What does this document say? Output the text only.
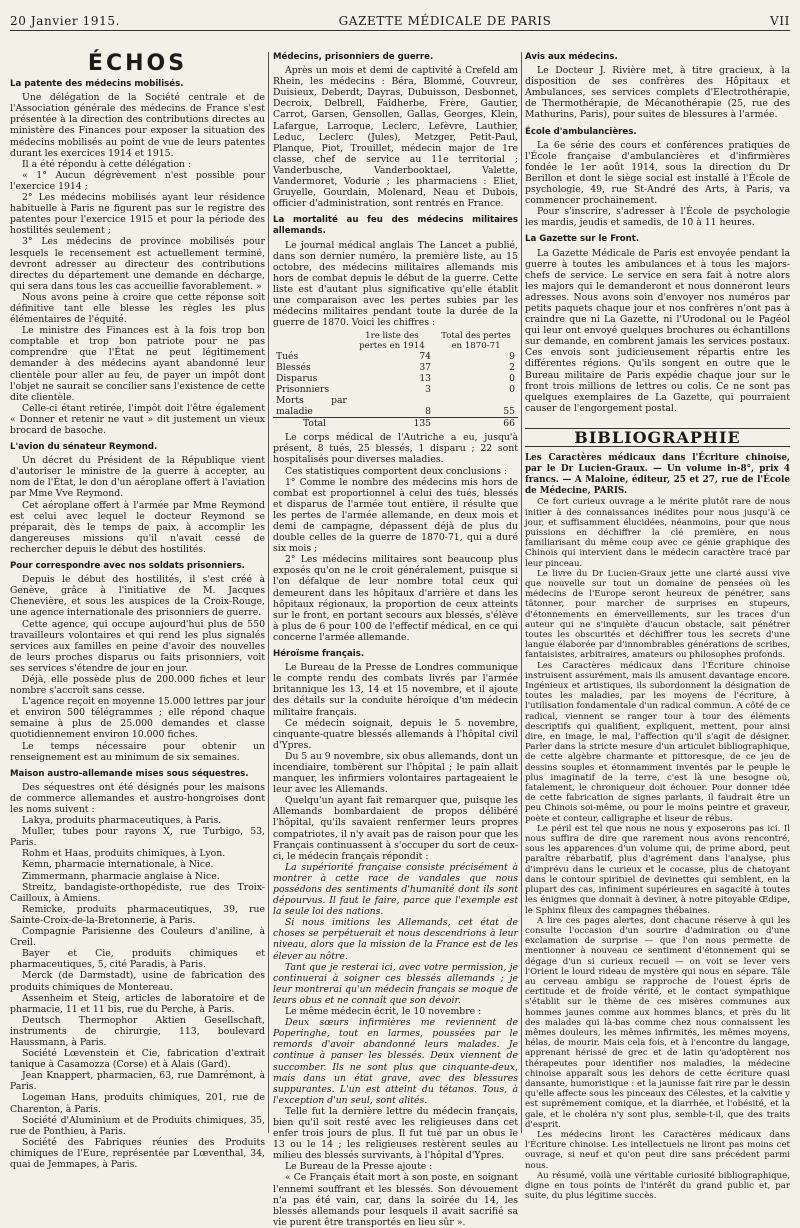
20 Janvier 1915.	GAZETTE MÉDICALE DE PARIS	VII
ÉCHOS
La patente des médecins mobilisés.

Une délégation de la Société centrale et de l'Association générale des médecins de France s'est présentée à la direction des contributions directes au ministère des Finances pour exposer la situation des médecins mobilisés au point de vue de leurs patentes durant les exercices 1914 et 1915.

Il a été répondu à cette délégation :

« 1° Aucun dégrèvement n'est possible pour l'exercice 1914 ;

2° Les médecins mobilisés ayant leur résidence habituelle à Paris ne figurent pas sur le registre des patentes pour l'exercice 1915 et pour la période des hostilités seulement ;

3° Les médecins de province mobilisés pour lesquels le recensement est actuellement terminé, devront adresser au directeur des contributions directes du département une demande en décharge, qui sera dans tous les cas accueillie favorablement. »

Nous avons peine à croire que cette réponse soit définitive tant elle blesse les règles les plus élémentaires de l'équité.

Le ministre des Finances est à la fois trop bon comptable et trop bon patriote pour ne pas comprendre que l'État ne peut légitimement demander à des médecins ayant abandonné leur clientèle pour aller au feu, de payer un impôt dont l'objet ne saurait se concilier sans l'existence de cette dite clientèle.

Celle-ci étant retirée, l'impôt doit l'être également « Donner et retenir ne vaut » dit justement un vieux brocard de basoche.

L'avion du sénateur Reymond.

Un décret du Président de la République vient d'autoriser le ministre de la guerre à accepter, au nom de l'État, le don d'un aéroplane offert à l'aviation par Mme Vve Reymond.

Cet aéroplane offert à l'armée par Mme Reymond est celui avec lequel le docteur Reymond se préparait, dès le temps de paix, à accomplir les dangereuses missions qu'il n'avait cessé de rechercher depuis le début des hostilités.

Pour correspondre avec nos soldats prisonniers.

Depuis le début des hostilités, il s'est créé à Genève, grâce à l'initiative de M. Jacques Chenevière, et sous les auspices de la Croix-Rouge, une agence internationale des prisonniers de guerre.

Cette agence, qui occupe aujourd'hui plus de 550 travailleurs volontaires et qui rend les plus signalés services aux familles en peine d'avoir des nouvelles de leurs proches disparus ou faits prisonniers, voit ses services s'étendre de jour en jour.

Déjà, elle possède plus de 200.000 fiches et leur nombre s'accroît sans cesse.

L'agence reçoit en moyenne 15.000 lettres par jour et environ 500 télégrammes ; elle répond chaque semaine à plus de 25.000 demandes et classe quotidiennement environ 10.000 fiches.

Le temps nécessaire pour obtenir un renseignement est au minimum de six semaines.

Maison austro-allemande mises sous séquestres.

Des séquestres ont été désignés pour les maisons de commerce allemandes et austro-hongroises dont les noms suivent :

Lakya, produits pharmaceutiques, à Paris.

Muller, tubes pour rayons X, rue Turbigo, 53, Paris.

Rohm et Haas, produits chimiques, à Lyon.

Kemn, pharmacie internationale, à Nice.

Zimmermann, pharmacie anglaise à Nice.

Streitz, bandagiste-orthopédiste, rue des Troix-Cailloux, à Amiens.

Remicke, produits pharmaceutiques, 39, rue Sainte-Croix-de-la-Bretonnerie, à Paris.

Compagnie Parisienne des Couleurs d'aniline, à Creil.

Bayer et Cie, produits chimiques et pharmaceutiques, 5, cité Paradis, à Paris.

Merck (de Darmstadt), usine de fabrication des produits chimiques de Montereau.

Assenheim et Steig, articles de laboratoire et de pharmacie, 11 et 11 bis, rue du Perche, à Paris.

Deutsch Thermophor Aktien Gesellschaft, instruments de chirurgie, 113, boulevard Haussmann, à Paris.

Société Lœvenstein et Cie, fabrication d'extrait tanique à Casamozza (Corse) et à Alais (Gard).

Jean Knappert, pharmacien, 63, rue Damrémont, à Paris.

Logeman Hans, produits chimiques, 201, rue de Charenton, à Paris.

Société d'Aluminium et de Produits chimiques, 35, rue de Ponthieu, à Paris.

Société des Fabriques réunies des Produits chimiques de l'Eure, représentée par Lœventhal, 34, quai de Jemmapes, à Paris.

Médecins, prisonniers de guerre.

Après un mois et demi de captivité à Crefeld am Rhein, les médecins : Béra, Blommé, Couvreur, Duisieux, Deberdt, Dayras, Dubuisson, Desbonnet, Decroix, Delbrell, Faidherbe, Frère, Gautier, Carrot, Garsen, Gensollen, Gallas, Georges, Klein, Lafargue, Larroque, Leclerc, Lefèvre, Lauthier, Leduc, Leclerc (Jules), Metzger, Petit-Paul, Planque, Piot, Trouillet, médecin major de 1re classe, chef de service au 11e territorial ; Vanderbusche, Vanderbooktael, Valette, Vandermoret, Vodurie ; les pharmaciens : Eliet, Gruyelle, Gourdain, Molenard, Neau et Dubois, officier d'administration, sont rentrés en France.

La mortalité au feu des médecins militaires allemands.

Le journal médical anglais The Lancet a publié, dans son dernier numéro, la première liste, au 15 octobre, des médecins militaires allemands mis hors de combat depuis le début de la guerre. Cette liste est d'autant plus significative qu'elle établit une comparaison avec les pertes subies par les médecins militaires pendant toute la durée de la guerre de 1870. Voici les chiffres :

	1re liste des pertes en 1914	Total des pertes en 1870-71
Tués	74	9
Blessés	37	2
Disparus	13	0
Prisonniers	3	0
Morts par maladie	8	55
Total	135	66

Le corps médical de l'Autriche a eu, jusqu'à présent, 8 tués, 25 blessés, 1 disparu ; 22 sont hospitalisés pour diverses maladies.

Ces statistiques comportent deux conclusions :

1° Comme le nombre des médecins mis hors de combat est proportionnel à celui des tués, blessés et disparus de l'armée tout entière, il résulte que les pertes de l'armée allemande, en deux mois et demi de campagne, dépassent déjà de plus du double celles de la guerre de 1870-71, qui a duré six mois ;

2° Les médecins militaires sont beaucoup plus exposés qu'on ne le croit généralement, puisque si l'on défalque de leur nombre total ceux qui demeurent dans les hôpitaux d'arrière et dans les hôpitaux régionaux, la proportion de ceux atteints sur le front, en portant secours aux blessés, s'élève à plus de 6 pour 100 de l'effectif médical, en ce qui concerne l'armée allemande.

Héroïsme français.

Le Bureau de la Presse de Londres communique le compte rendu des combats livrés par l'armée britannique les 13, 14 et 15 novembre, et il ajoute des détails sur la conduite héroïque d'un médecin militaire français.

Ce médecin soignait, depuis le 5 novembre, cinquante-quatre blessés allemands à l'hôpital civil d'Ypres.

Du 5 au 9 novembre, six obus allemands, dont un incendiaire, tombèrent sur l'hôpital ; le pain allait manquer, les infirmiers volontaires partageaient le leur avec les Allemands.

Quelqu'un ayant fait remarquer que, puisque les Allemands bombardaient de propos délibéré l'hôpital, qu'ils savaient renfermer leurs propres compatriotes, il n'y avait pas de raison pour que les Français continuassent à s'occuper du sort de ceux-ci, le médecin français répondit :

La supériorité française consiste précisément à montrer à cette race de vandales que nous possédons des sentiments d'humanité dont ils sont dépourvus. Il faut le faire, parce que l'exemple est la seule loi des nations.

Si nous imitions les Allemands, cet état de choses se perpétuerait et nous descendrions à leur niveau, alors que la mission de la France est de les élever au nôtre.

Tant que je resterai ici, avec votre permission, je continuerai à soigner ces blessés allemands ; je leur montrerai qu'un médecin français se moque de leurs obus et ne connaît que son devoir.

Le même médecin écrit, le 10 novembre :

Deux sœurs infirmières me reviennent de Poperinghe, tout en larmes, poussées par le remords d'avoir abandonné leurs malades. Je continue à panser les blessés. Deux viennent de succomber. Ils ne sont plus que cinquante-deux, mais dans un état grave, avec des blessures suppurantes. L'un est atteint du tétanos. Tous, à l'exception d'un seul, sont alités.

Telle fut la dernière lettre du médecin français, bien qu'il soit resté avec les religieuses dans cet enfer trois jours de plus. Il fut tué par un obus le 13 ou le 14 ; les religieuses restèrent seules au milieu des blessés survivants, à l'hôpital d'Ypres.

Le Bureau de la Presse ajoute :

« Ce Français était mort à son poste, en soignant l'ennemi souffrant et les blessés. Son dévouement n'a pas été vain, car, dans la soirée du 14, les blessés allemands pour lesquels il avait sacrifié sa vie purent être transportés en lieu sûr ».

Avis aux médecins.

Le Docteur J. Rivière met, à titre gracieux, à la disposition de ses confrères des Hôpitaux et Ambulances, ses services complets d'Electrothérapie, de Thermothérapie, de Mécanothérapie (25, rue des Mathurins, Paris), pour suites de blessures à l'armée.

École d'ambulancières.

La 6e série des cours et conférences pratiques de l'École française d'ambulancières et d'infirmières fondée le 1er août 1914, sous la direction du Dr Berillon et dont le siège social est installé à l'École de psychologie, 49, rue St-André des Arts, à Paris, va commencer prochainement.

Pour s'inscrire, s'adresser à l'École de psychologie les mardis, jeudis et samedis, de 10 à 11 heures.

La Gazette sur le Front.

La Gazette Médicale de Paris est envoyée pendant la guerre à toutes les ambulances et à tous les majors-chefs de service. Le service en sera fait à notre alors les majors qui le demanderont et nous donneront leurs adresses. Nous avons soin d'envoyer nos numéros par petits paquets chaque jour et nos confrères n'ont pas à craindre que ni La Gazette, ni l'Urodonal ou le Pagéol qui leur ont envoyé quelques brochures ou échantillons sur demande, en combrent jamais les services postaux. Ces envois sont judicieusement répartis entre les différentes régions. Qu'ils songent en outre que le Bureau militaire de Paris expédie chaque jour sur le front trois millions de lettres ou colis. Ce ne sont pas quelques exemplaires de La Gazette, qui pourraient causer de l'engorgement postal.

BIBLIOGRAPHIE

Les Caractères médicaux dans l'Écriture chinoise, par le Dr Lucien-Graux. — Un volume in-8°, prix 4 francs. — A Maloine, éditeur, 25 et 27, rue de l'École de Médecine, PARIS.

Ce fort curieux ouvrage a le mérite plutôt rare de nous initier à des connaissances inédites pour nous jusqu'à ce jour, et suffisamment élucidées, néanmoins, pour que nous puissions en déchiffrer la clé première, en nous familiarisant du même coup avec ce génie graphique des Chinois qui intervient dans le médecin caractère tracé par leur pinceau.

Le livre du Dr Lucien-Graux jette une clarté aussi vive que nouvelle sur tout un domaine de pensées où les médecins de l'Europe seront heureux de pénétrer, sans tâtonner, pour marcher de surprises en stupeurs, d'étonnements en émerveillements, sur les traces d'un auteur qui ne s'inquiète d'aucun obstacle, sait pénétrer toutes les obscurités et déchiffrer tous les secrets d'une langue élaborée par d'innombrables générations de scribes, fantaisistes, arbitraires, amateurs ou philosophes profonds.

Les Caractères médicaux dans l'Écriture chinoise instruisent assurément, mais ils amusent davantage encore. Ingénieux et artistiques, ils subordonnent la désignation de toutes les maladies, par les moyens de l'écriture, à l'utilisation fondamentale d'un radical commun. A côté de ce radical, viennent se ranger tour à tour des éléments descriptifs qui qualifient, expliquent, mettent, pour ainsi dire, en image, le mal, l'affection qu'il s'agit de désigner. Parler dans la stricte mesure d'un articulet bibliographique, de cette algèbre charmante et pittoresque, de ce jeu de dessins souples et étonnamment inventés par le peuple le plus imaginatif de la terre, c'est là une besogne où, fatalement, le chroniqueur doit échouer. Pour donner idée de cette fabrication de signes parlants, il faudrait être un peu Chinois soi-même, ou pour le moins peintre et graveur, poète et conteur, calligraphe et liseur de rébus.

Le péril est tel que nous ne nous y exposerons pas ici. Il nous suffira de dire que rarement nous avons rencontré, sous les apparences d'un volume qui, de prime abord, peut paraître rébarbatif, plus d'agrément dans l'analyse, plus d'imprévu dans le curieux et le cocasse, plus de chatoyant dans le contour spirituel de devinettes qui semblent, en la plupart des cas, infiniment supérieures en sagacité à toutes les énigmes que donnait à deviner, à notre pitoyable Œdipe, le Sphinx fileux des campagnes thébaines.

A lire ces pages alertes, dont chacune réserve à qui les consulte l'occasion d'un sourire d'admiration ou d'une exclamation de surprise — que l'on nous permette de mentionner à nouveau ce sentiment d'étonnement qui se dégage d'un si curieux recueil — on voit se lever vers l'Orient le lourd rideau de mystère qui nous en sépare. Tâle au cerveau ambigu se rapproche de l'ouest épris de certitude et de froide vérité, et le contact sympathique s'établit sur le thème de ces misères communes aux hommes jaunes comme aux hommes blancs, et près du lit des malades qui là-bas comme chez nous connaissent les mêmes douleurs, les mêmes infirmités, les mêmes moyens, hélas, de mourir. Mais cela fois, et à l'encontre du langage, apprenant hérissé de grec et de latin qu'adoptèrent nos thérapeutes pour identifier nos maladies, la médecine chinoise apparaît sous les dehors de cette écriture quasi dansante, humoristique : et la jaunisse fait rire par le dessin qu'elle affecte sous les pinceaux des Célestes, et la calvitie y est suprêmement comique, et la diarrhée, et l'obésité, et la gale, et le choléra n'y sont plus, semble-t-il, que des traits d'esprit.

Les médecins liront les Caractères médicaux dans l'Écriture chinoise. Les intellectuels ne liront pas moins cet ouvrage, si neuf et qu'on peut dire sans précédent parmi nous.

Au résumé, voilà une véritable curiosité bibliographique, digne en tous points de l'intérêt du grand public et, par suite, du plus légitime succès.
